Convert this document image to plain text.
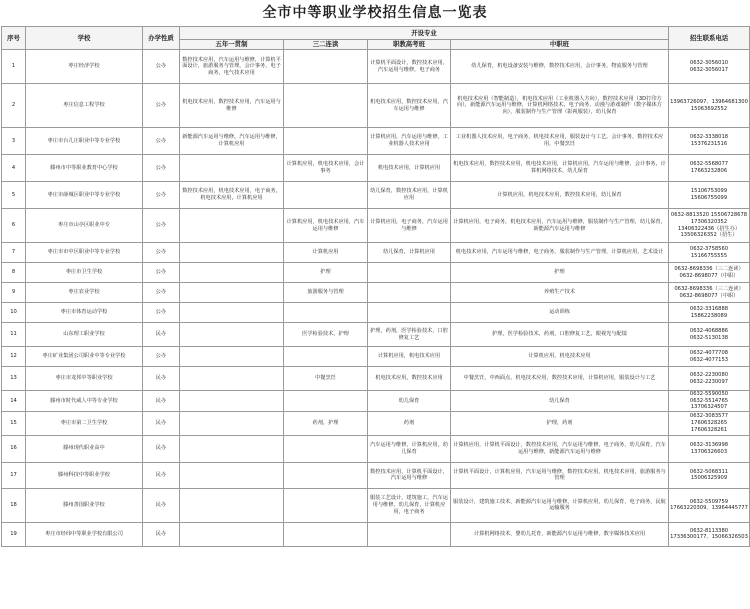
全市中等职业学校招生信息一览表
序号	学校	办学性质	开设专业				招生联系电话
			五年一贯制	三二连读	职教高考班	中职班	
1	枣庄经济学校	公办	数控技术应用，汽车运用与维修，计算机平面设计，旅游服务与管理，会计事务，电子商务，电气技术应用		计算机平面设计，数控技术应用，汽车运用与维修，电子商务	幼儿保育，机电设备安装与维修，数控技术应用，会计事务，物流服务与管理	0632-3056010
0632-3056017
2	枣庄信息工程学校	公办	机电技术应用，数控技术应用，汽车运用与维修		机电技术应用，数控技术应用，汽车运用与维修	机电技术应用（智能制造），机电技术应用（工业机器人方向），数控技术应用（3D打印方向），新能源汽车运用与维修，计算机网络技术，电子商务，动漫与游戏制作（数字媒体方向），服装制作与生产管理（影视服装），幼儿保育	13963726097、13964681300
15063692552
3	枣庄市台儿庄职业中等专业学校	公办	新能源汽车运用与维修，汽车运用与维修，计算机应用		计算机应用，汽车运用与维修，工业机器人技术应用	工业机器人技术应用，电子商务，机电技术应用，服装设计与工艺，会计事务，数控技术应用，中餐烹饪	0632-3338018
15376231516
4	滕州市中等职业教育中心学校	公办		计算机应用，机电技术应用，会计事务	机电技术应用，计算机应用	机电技术应用，数控技术应用，机电技术应用，计算机应用，汽车运用与维修，会计事务，计算机网络技术，幼儿保育	0632-5568077
17663232806
5	枣庄市薛城区职业中等专业学校	公办	数控技术应用，机电技术应用，电子商务，机电技术应用，计算机应用		幼儿保育，数控技术应用，计算机应用	计算机应用，机电技术应用，数控技术应用，幼儿保育	15106753099
15606755099
6	枣庄市山亭区职业中专	公办		计算机应用，机电技术应用，汽车运用与维修	计算机应用，电子商务，汽车运用与维修	计算机应用，电子商务，机电技术应用，汽车运用与维修，服装制作与生产管理，幼儿保育，新能源汽车运用与维修	0632-8813520 15506728678
17306320352
13406322436（招生办）
13506326352（招生）
7	枣庄市市中区职业中等专业学校	公办		计算机应用	幼儿保育，计算机应用	机电技术应用，汽车运用与维修，电子商务，服装制作与生产管理，计算机应用，艺术设计	0632-3758560
15166755555
8	枣庄市卫生学校	公办		护理		护理	0632-8698336（三二连读）
0632-8698077（中职）
9	枣庄农业学校	公办		旅游服务与管理		养殖生产技术	0632-8698336（三二连读）
0632-8698077（中职）
10	枣庄市体育运动学校	公办				运动训练	0632-3316888
15862238089
11	山东理工职业学校	民办		医学检验技术，护理	护理，药剂，医学检验技术，口腔修复工艺	护理，医学检验技术，药剂，口腔修复工艺，眼视光与配镜	0632-4068886
0632-5130138
12	枣庄矿业集团公司职业中等专业学校	公办			计算机应用，机电技术应用	计算机应用，机电技术应用	0632-4077708
0632-4077153
13	枣庄市龙邦中等职业学校	民办		中餐烹饪	机电技术应用，数控技术应用	中餐烹饪，中西面点，机电技术应用，数控技术应用，计算机应用，服装设计与工艺	0632-2230080
0632-2230097
14	滕州市时代威人中等专业学校	民办			幼儿保育	幼儿保育	0632-5590050
0632-5514765
13706324507
15	枣庄市第二卫生学校	民办		药剂，护理	药剂	护理，药剂	0632-3083577
17606328265
17606328261
16	滕州现代职业高中	民办			汽车运用与维修，计算机应用，幼儿保育	计算机应用，计算机平面设计，数控技术应用，汽车运用与维修，电子商务，幼儿保育，汽车运用与维修，新能源汽车运用与维修	0632-3136998
13706326603
17	滕州科技中等职业学校	民办			数控技术应用，计算机平面设计，汽车运用与维修	计算机平面设计，计算机应用，汽车运用与维修，数控技术应用，机电技术应用，旅游服务与管理	0632-5068311
15006325909
18	滕州善国职业学校	民办			服装工艺设计，建筑施工，汽车运用与维修，幼儿保育，计算机应用，电子商务	服装设计，建筑施工技术，新能源汽车运用与维修，计算机应用，幼儿保育，电子商务，民航运输服务	0632-5509759
17663220309、13964445777
19	枣庄市经纬中等职业学校有限公司	民办				计算机网络技术，婴幼儿托育，新能源汽车运用与维修，数字媒体技术应用	0632-8113380
17336300177、15066326503
